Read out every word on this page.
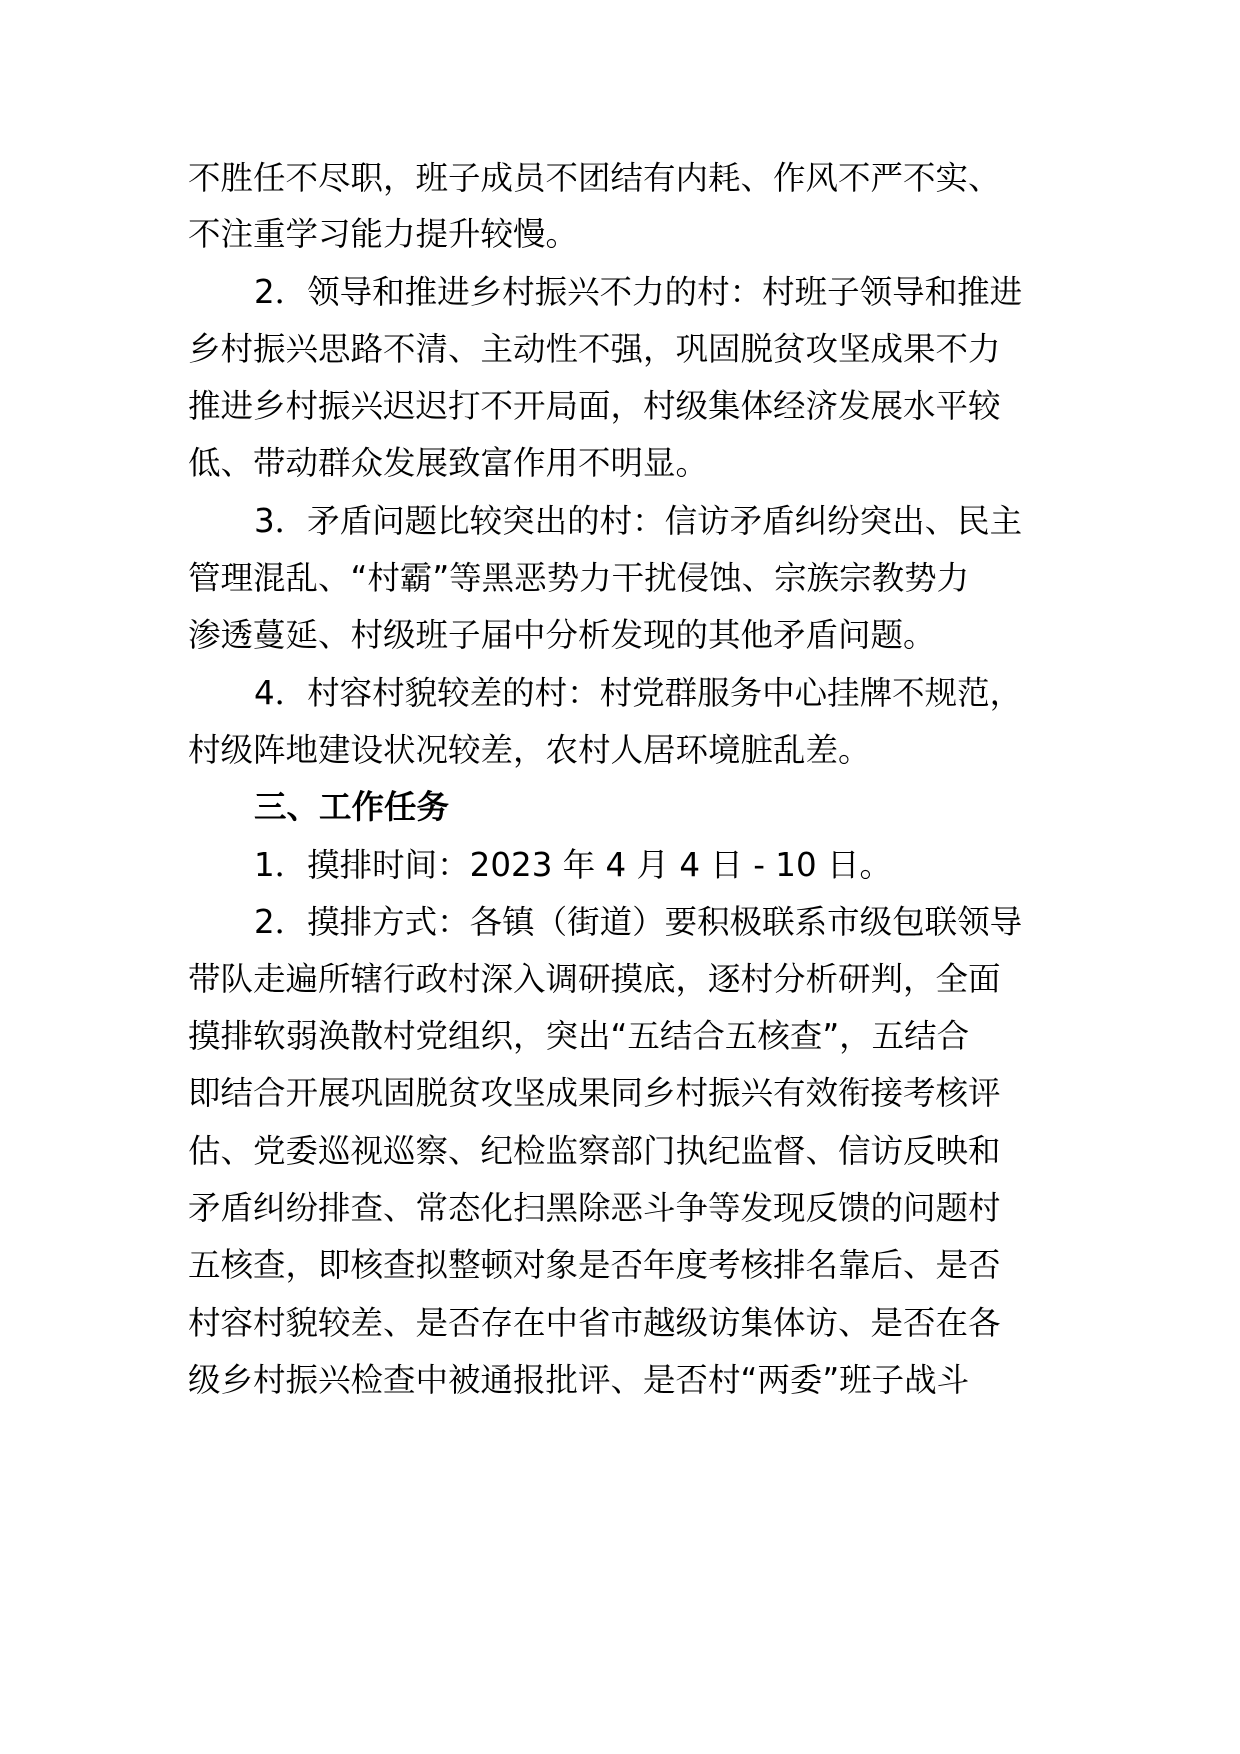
不胜任不尽职，班子成员不团结有内耗、作风不严不实、
不注重学习能力提升较慢。
2．领导和推进乡村振兴不力的村：村班子领导和推进
乡村振兴思路不清、主动性不强，巩固脱贫攻坚成果不力
推进乡村振兴迟迟打不开局面，村级集体经济发展水平较
低、带动群众发展致富作用不明显。
3．矛盾问题比较突出的村：信访矛盾纠纷突出、民主
管理混乱、“村霸”等黑恶势力干扰侵蚀、宗族宗教势力
渗透蔓延、村级班子届中分析发现的其他矛盾问题。
4．村容村貌较差的村：村党群服务中心挂牌不规范，
村级阵地建设状况较差，农村人居环境脏乱差。
三、工作任务
1．摸排时间：2023 年 4 月 4 日 - 10 日。
2．摸排方式：各镇（街道）要积极联系市级包联领导
带队走遍所辖行政村深入调研摸底，逐村分析研判，全面
摸排软弱涣散村党组织，突出“五结合五核查”，五结合
即结合开展巩固脱贫攻坚成果同乡村振兴有效衔接考核评
估、党委巡视巡察、纪检监察部门执纪监督、信访反映和
矛盾纠纷排查、常态化扫黑除恶斗争等发现反馈的问题村
五核查，即核查拟整顿对象是否年度考核排名靠后、是否
村容村貌较差、是否存在中省市越级访集体访、是否在各
级乡村振兴检查中被通报批评、是否村“两委”班子战斗
